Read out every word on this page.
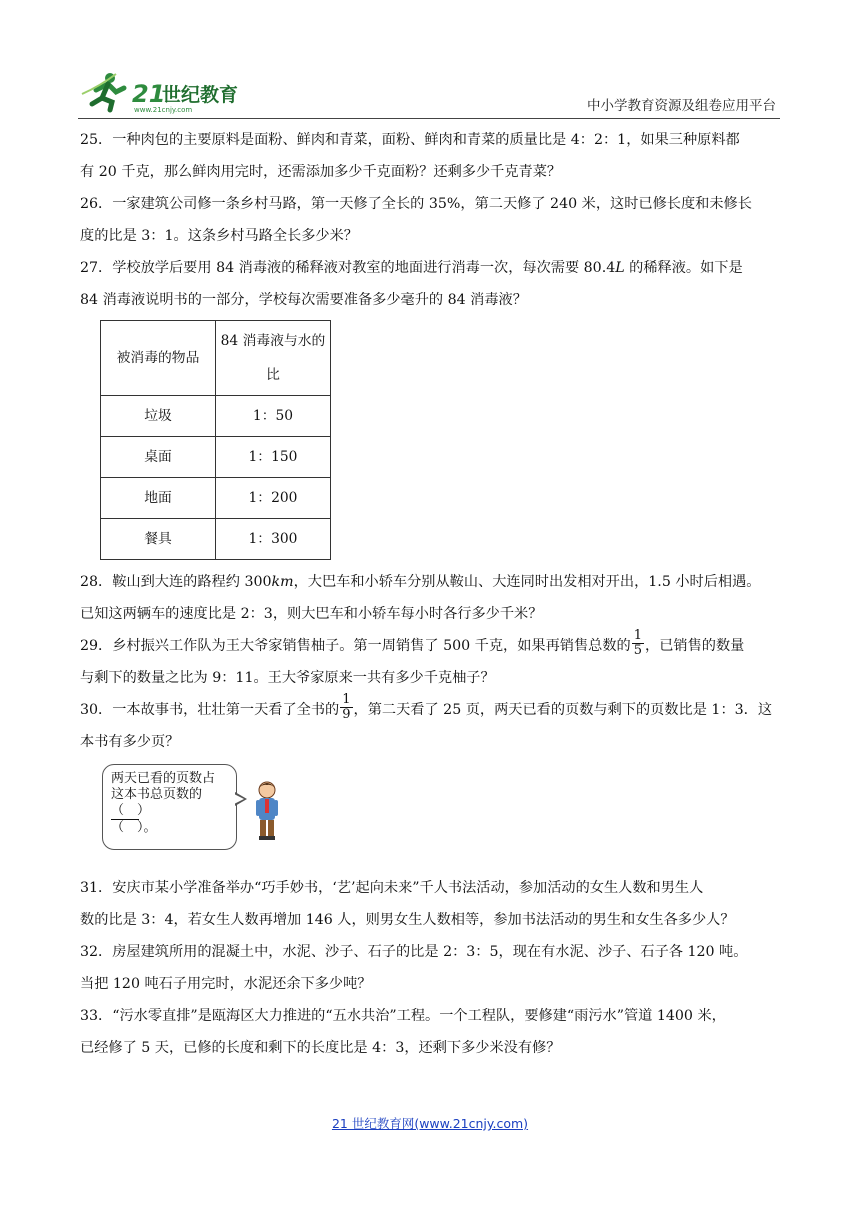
21
世纪教育
www.21cnjy.com	中小学教育资源及组卷应用平台

25．一种肉包的主要原料是面粉、鲜肉和青菜，面粉、鲜肉和青菜的质量比是 4：2：1，如果三种原料都
有 20 千克，那么鲜肉用完时，还需添加多少千克面粉？还剩多少千克青菜？

26．一家建筑公司修一条乡村马路，第一天修了全长的 35%，第二天修了 240 米，这时已修长度和未修长
度的比是 3：1。这条乡村马路全长多少米？

27．学校放学后要用 84 消毒液的稀释液对教室的地面进行消毒一次，每次需要 80.4L 的稀释液。如下是
84 消毒液说明书的一部分，学校每次需要准备多少毫升的 84 消毒液？

被消毒的物品	84 消毒液与水的比
垃圾	1：50
桌面	1：150
地面	1：200
餐具	1：300

28．鞍山到大连的路程约 300km，大巴车和小轿车分别从鞍山、大连同时出发相对开出，1.5 小时后相遇。
已知这两辆车的速度比是 2：3，则大巴车和小轿车每小时各行多少千米？

29．乡村振兴工作队为王大爷家销售柚子。第一周销售了 500 千克，如果再销售总数的 $\frac{1}{5}$ ，已销售的数量
与剩下的数量之比为 9：11。王大爷家原来一共有多少千克柚子？

30．一本故事书，壮壮第一天看了全书的 $\frac{1}{9}$ ，第二天看了 25 页，两天已看的页数与剩下的页数比是 1：3．这
本书有多少页？

两天已看的页数占
这本书总页数的
（　）
（　）。

31．安庆市某小学准备举办“巧手妙书，‘艺’起向未来”千人书法活动，参加活动的女生人数和男生人
数的比是 3：4，若女生人数再增加 146 人，则男女生人数相等，参加书法活动的男生和女生各多少人？

32．房屋建筑所用的混凝土中，水泥、沙子、石子的比是 2：3：5，现在有水泥、沙子、石子各 120 吨。
当把 120 吨石子用完时，水泥还余下多少吨？

33．“污水零直排”是瓯海区大力推进的“五水共治”工程。一个工程队，要修建“雨污水”管道 1400 米，
已经修了 5 天，已修的长度和剩下的长度比是 4：3，还剩下多少米没有修？

21 世纪教育网(www.21cnjy.com)
